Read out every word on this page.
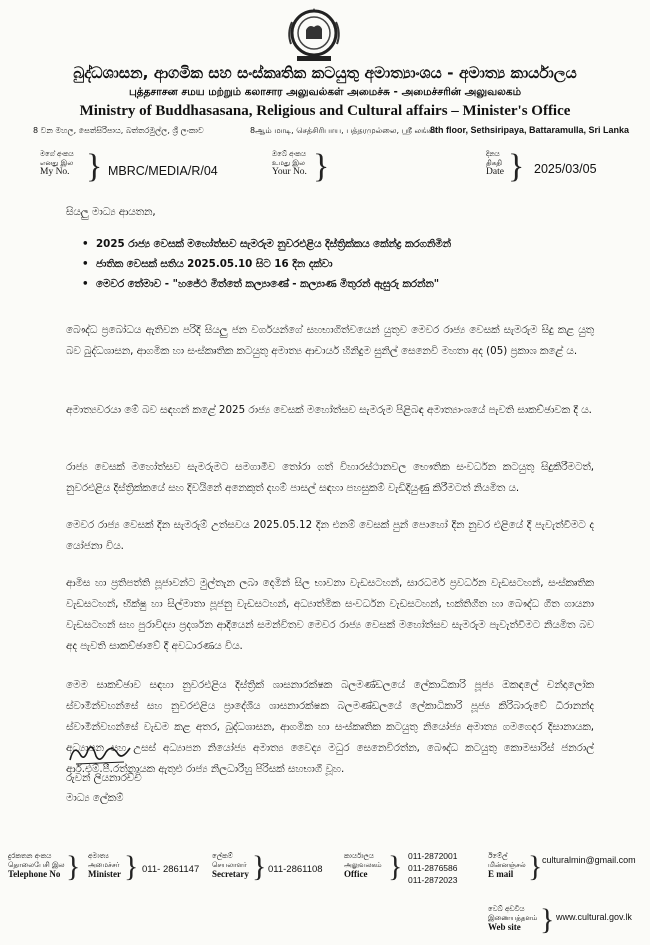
බුද්ධශාසන, ආගමික සහ සංස්කෘතික කටයුතු අමාත්‍යාංශය - අමාත්‍ය කාර්යාලය
புத்தசாசன சமய மற்றும் கலாசார அலுவல்கள் அமைச்சு - அமைச்சரின் அலுவலகம்
Ministry of Buddhasasana, Religious and Cultural affairs – Minister's Office
8 වන මහල, සෙත්සිරිපාය, බත්තරමුල්ල, ශ්‍රී ලංකාව	8ஆம் மாடி, செத்சிரிபாய, பத்தரமுல்லை, ஸ்ரீ லங்கா
8th floor, Sethsiripaya, Battaramulla, Sri Lanka
මගේ අංකය
எனது இல
My No. } MBRC/MEDIA/R/04
ඔබේ අංකය
உமது இல
Your No. }	දිනය
திகதி
Date } 2025/03/05
සියලු මාධ්‍ය ආයතන,
• 2025 රාජ්‍ය වෙසක් මහෝත්සව සැමරුම නුවරඑළිය දිස්ත්‍රික්කය කේන්ද්‍ර කරගනිමින්
• ජාතික වෙසක් සතිය 2025.05.10 සිට 16 දින දක්වා
• මෙවර තේමාව - "හජේථ මිත්තේ කල්‍යාණේ - කල්‍යාණ මිතුරන් ඇසුරු කරන්න"
බෞද්ධ ප්‍රබෝධය ඇතිවන පරිදි සියලු ජන වර්ගයන්ගේ සහභාගිත්වයෙන් යුතුව මෙවර රාජ්‍ය වෙසක් සැමරුම සිදු කළ යුතු බව බුද්ධශාසන, ආගමික හා සංස්කෘතික කටයුතු අමාත්‍ය ආචාර්ය හිනිදුම සුනිල් සෙනෙවි මහතා අද (05) ප්‍රකාශ කළේ ය.
අමාත්‍යවරයා මේ බව සඳහන් කළේ 2025 රාජ්‍ය වෙසක් මහෝත්සව සැමරුම පිළිබඳ අමාත්‍යාංශයේ පැවති සාකච්ඡාවක දී ය.
රාජ්‍ය වෙසක් මහෝත්සව සැමරුමට සමගාමීව තෝරා ගත් විහාරස්ථානවල භෞතික සංවර්ධන කටයුතු සිදුකිරීමටත්, නුවරඑළිය දිස්ත්‍රික්කයේ සහ දිවයිනේ අනෙකුත් දහම් පාසල් සඳහා පහසුකම් වැඩිදියුණු කිරීමටත් නියමිත ය.
මෙවර රාජ්‍ය වෙසක් දින සැමරුම් උත්සවය 2025.05.12 දින එනම් වෙසක් පුන් පොහෝ දින නුවර එළියේ දී පැවැත්වීමට ද යෝජනා විය.
ආමිස හා ප්‍රතිපත්ති පූජාවන්ට මුල්තැන ලබා දෙමින් සිල භාවනා වැඩසටහන්, සාරධර්ම ප්‍රවර්ධන වැඩසටහන්, සංස්කෘතික වැඩසටහන්, භික්ෂු හා සිල්මාතා පූජනු වැඩසටහන්, අධ්‍යාත්මික සංවර්ධන වැඩසටහන්, භක්තිගීත හා බෞද්ධ ගීත ගායනා වැඩසටහන් සහ පුරාවිද්‍යා ප්‍රදර්ශන ආදියෙන් සමන්විතව මෙවර රාජ්‍ය වෙසක් මහෝත්සව සැමරුම පැවැත්වීමට නියමිත බව අද පැවති සාකච්ඡාවේ දී අවධාරණය විය.
මෙම සාකච්ඡාව සඳහා නුවරඑළිය දිස්ත්‍රික් ශාසනාරක්ෂක බලමණ්ඩලයේ ලේකාධිකාරි පූජ්‍ය ඔකඳලේ චන්දාලෝක ස්වාමීන්වහන්සේ සහ නුවරඑළිය ප්‍රාදේශීය ශාසනාරක්ෂක බලමණ්ඩලයේ ලේකාධිකාරි පූජ්‍ය කිරිබාරුවේ ධීරානන්ද ස්වාමීන්වහන්සේ වැඩම කළ අතර, බුද්ධශාසන, ආගමික හා සංස්කෘතික කටයුතු නියෝජ්‍ය අමාත්‍ය ගමගෙදර දිසානායක, අධ්‍යාපන සහ උසස් අධ්‍යාපන නියෝජ්‍ය අමාත්‍ය වෛද්‍ය මධුර සෙනෙවිරත්න, බෞද්ධ කටයුතු කොමසාරිස් ජනරාල් ආර්.එම්.පී.රත්නායක ඇතුළු රාජ්‍ය නිලධාරීහු පිරිසක් සහභාගී වූහ.
රුවන් ලියනාරච්චි
මාධ්‍ය ලේකම්
දුරකතන අංකය
தொலைபேசி இல
Telephone No } අමාත්‍ය
அமைச்சர்
Minister } 011- 2861147
ලේකම්
செயலாளர்
Secretary } 011-2861108
කාර්යාලය
அலுவலகம்
Office } 011-2872001
011-2876586
011-2872023
ඊමේල්
மின்னஞ்சல்
E mail } culturalmin@gmail.com
වෙබ් අඩවිය
இணையத்தளம்
Web site } www.cultural.gov.lk
